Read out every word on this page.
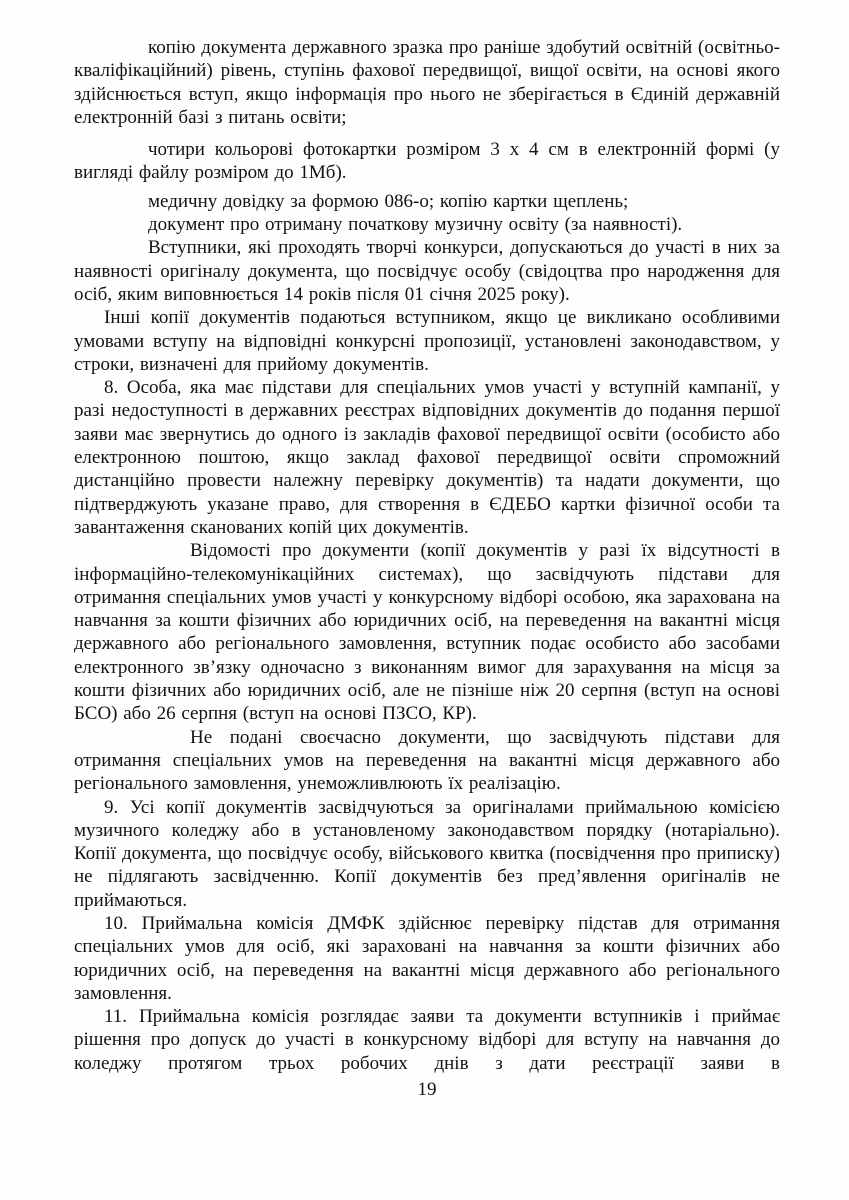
копію документа державного зразка про раніше здобутий освітній (освітньо-кваліфікаційний) рівень, ступінь фахової передвищої, вищої освіти, на основі якого здійснюється вступ, якщо інформація про нього не зберігається в Єдиній державній електронній базі з питань освіти;

чотири кольорові фотокартки розміром 3 х 4 см в електронній формі (у вигляді файлу розміром до 1Мб).

медичну довідку за формою 086-о; копію картки щеплень;

документ про отриману початкову музичну освіту (за наявності).

Вступники, які проходять творчі конкурси, допускаються до участі в них за наявності оригіналу документа, що посвідчує особу (свідоцтва про народження для осіб, яким виповнюється 14 років після 01 січня 2025 року).

Інші копії документів подаються вступником, якщо це викликано особливими умовами вступу на відповідні конкурсні пропозиції, установлені законодавством, у строки, визначені для прийому документів.

8. Особа, яка має підстави для спеціальних умов участі у вступній кампанії, у разі недоступності в державних реєстрах відповідних документів до подання першої заяви має звернутись до одного із закладів фахової передвищої освіти (особисто або електронною поштою, якщо заклад фахової передвищої освіти спроможний дистанційно провести належну перевірку документів) та надати документи, що підтверджують указане право, для створення в ЄДЕБО картки фізичної особи та завантаження сканованих копій цих документів.

Відомості про документи (копії документів у разі їх відсутності в інформаційно-телекомунікаційних системах), що засвідчують підстави для отримання спеціальних умов участі у конкурсному відборі особою, яка зарахована на навчання за кошти фізичних або юридичних осіб, на переведення на вакантні місця державного або регіонального замовлення, вступник подає особисто або засобами електронного зв’язку одночасно з виконанням вимог для зарахування на місця за кошти фізичних або юридичних осіб, але не пізніше ніж 20 серпня (вступ на основі БСО) або 26 серпня (вступ на основі ПЗСО, КР).

Не подані своєчасно документи, що засвідчують підстави для отримання спеціальних умов на переведення на вакантні місця державного або регіонального замовлення, унеможливлюють їх реалізацію.

9. Усі копії документів засвідчуються за оригіналами приймальною комісією музичного коледжу або в установленому законодавством порядку (нотаріально). Копії документа, що посвідчує особу, військового квитка (посвідчення про приписку) не підлягають засвідченню. Копії документів без пред’явлення оригіналів не приймаються.

10. Приймальна комісія ДМФК здійснює перевірку підстав для отримання спеціальних умов для осіб, які зараховані на навчання за кошти фізичних або юридичних осіб, на переведення на вакантні місця державного або регіонального замовлення.

11. Приймальна комісія розглядає заяви та документи вступників і приймає рішення про допуск до участі в конкурсному відборі для вступу на навчання до коледжу протягом трьох робочих днів з дати реєстрації заяви в

19
